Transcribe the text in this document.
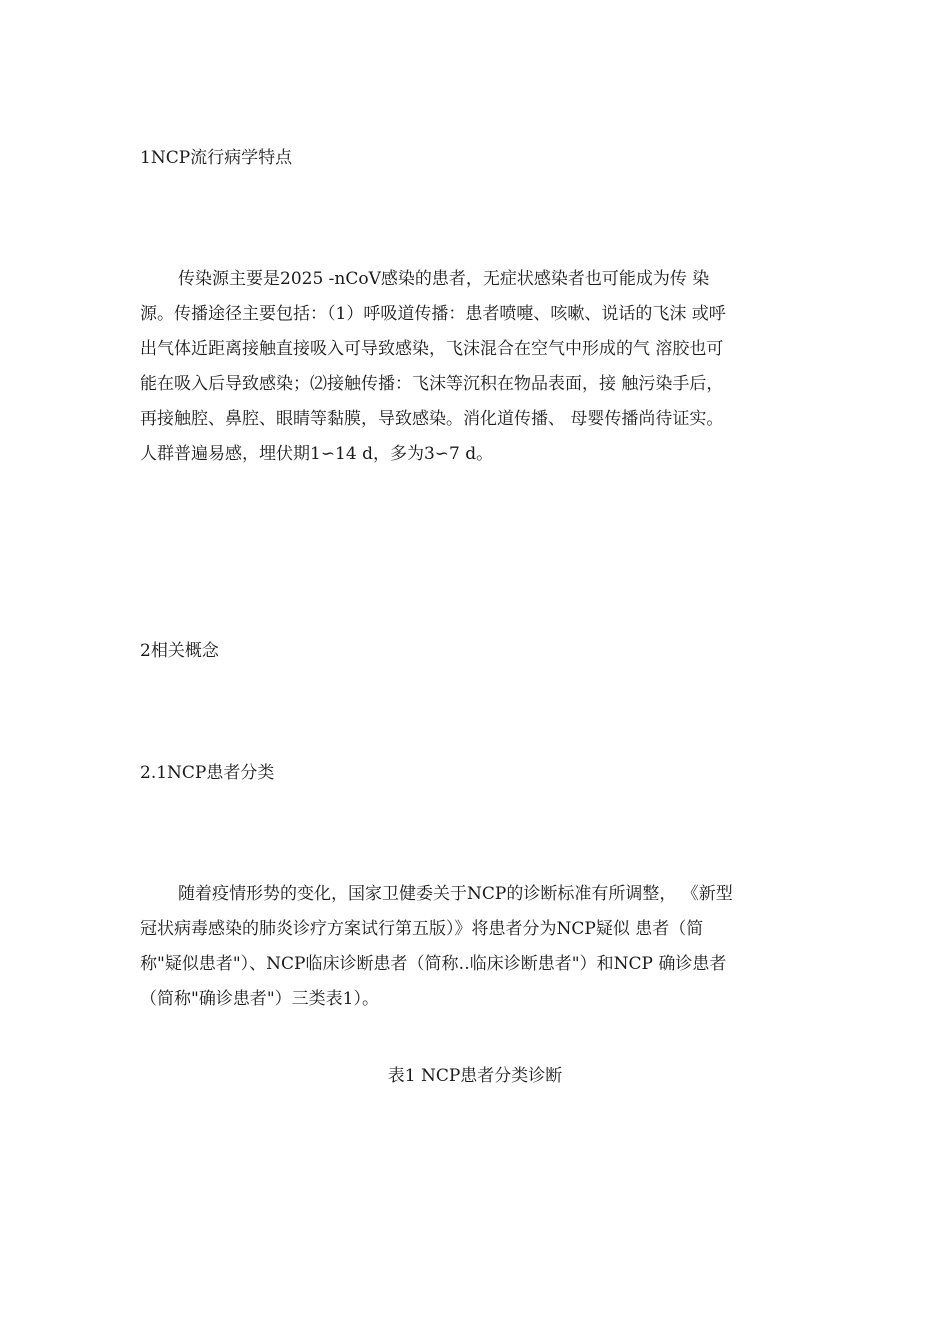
1NCP流行病学特点
传染源主要是2025 -nCoV感染的患者，无症状感染者也可能成为传 染
源。传播途径主要包括：（1）呼吸道传播：患者喷嚏、咳嗽、说话的飞沫 或呼
出气体近距离接触直接吸入可导致感染，飞沫混合在空气中形成的气 溶胶也可
能在吸入后导致感染；⑵接触传播：飞沫等沉积在物品表面，接 触污染手后，
再接触腔、鼻腔、眼睛等黏膜，导致感染。消化道传播、 母婴传播尚待证实。
人群普遍易感，埋伏期1∽14 d，多为3∽7 d。
2相关概念
2.1NCP患者分类
随着疫情形势的变化，国家卫健委关于NCP的诊断标准有所调整， 《新型
冠状病毒感染的肺炎诊疗方案试行第五版）》将患者分为NCP疑似 患者（简
称"疑似患者"）、NCP临床诊断患者（简称‥临床诊断患者"）和NCP 确诊患者
（简称"确诊患者"）三类表1）。

表1 NCP患者分类诊断
